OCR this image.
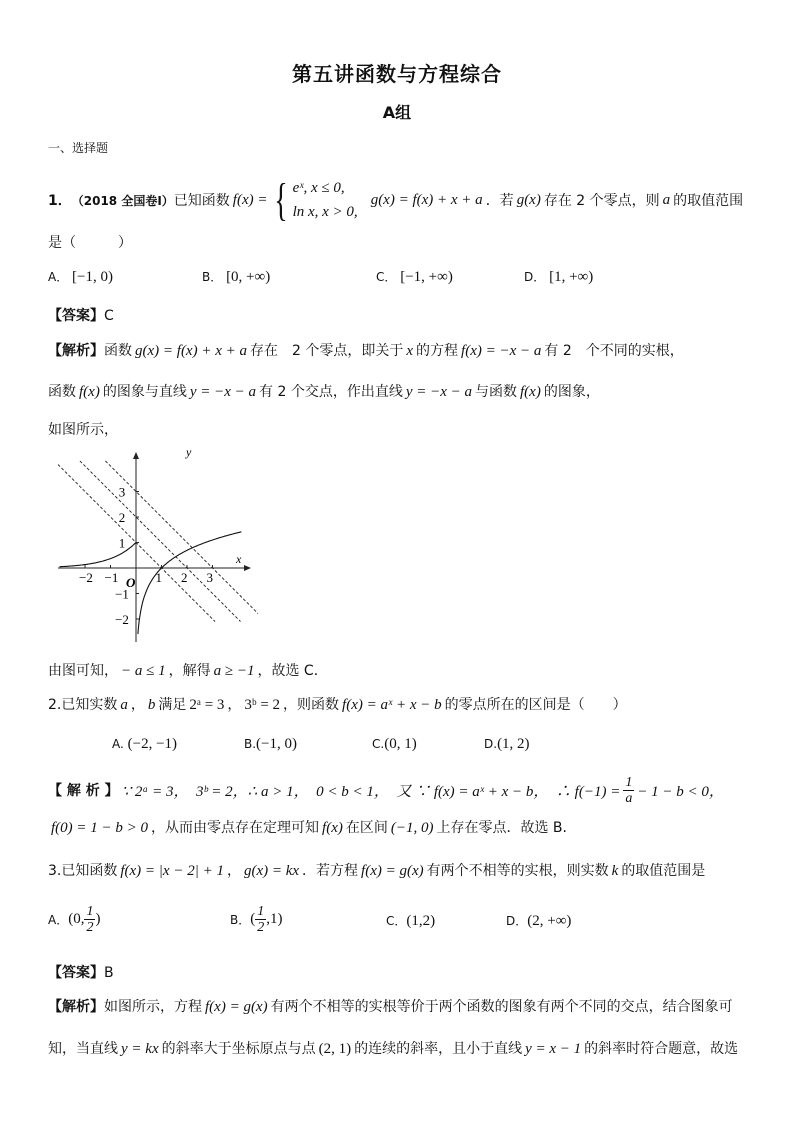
第五讲函数与方程综合
A组
一、选择题
1． （2018 全国卷Ⅰ） 已知函数 f(x) = { eˣ, x ≤ 0,
ln x, x > 0,
g(x) = f(x) + x + a ．若 g(x) 存在 2 个零点，则 a 的取值范围
是（　　　）
A． [−1, 0)	B． [0, +∞)	C． [−1, +∞)	D． [1, +∞)
【答案】C
【解析】函数 g(x) = f(x) + x + a 存在　2 个零点，即关于 x 的方程 f(x) = −x − a 有 2　个不同的实根，
函数 f(x) 的图象与直线 y = −x − a 有 2 个交点，作出直线 y = −x − a 与函数 f(x) 的图象，
如图所示，
−2 −1	1 2 3
3
2
1
−1
−2
y
x
O
由图可知， − a ≤ 1 ，解得 a ≥ −1 ，故选 C．
2.已知实数 a ， b 满足 2ᵃ = 3 ， 3ᵇ = 2 ，则函数 f(x) = aˣ + x − b 的零点所在的区间是（　　）
A. (−2, −1)	B.(−1, 0)	C.(0, 1)	D.(1, 2)
【 解 析 】 ∵ 2ᵃ = 3，　3ᵇ = 2，∴ a > 1，　0 < b < 1，　又 ∵ f(x) = aˣ + x − b，　∴ $f(-1) = \frac{1}{a} - 1 - b < 0$，
f(0) = 1 − b > 0 ，从而由零点存在定理可知 f(x) 在区间 (−1, 0) 上存在零点．故选 B.
3.已知函数 f(x) = |x − 2| + 1 ， g(x) = kx ．若方程 f(x) = g(x) 有两个不相等的实根，则实数 k 的取值范围是
A． (0, $\frac{1}{2}$ )	B． ( $\frac{1}{2} ,1$)	C．(1,2)	D．(2, +∞)
【答案】B
【解析】如图所示，方程 f(x) = g(x) 有两个不相等的实根等价于两个函数的图象有两个不同的交点，结合图象可
知，当直线 y = kx 的斜率大于坐标原点与点 (2, 1) 的连续的斜率，且小于直线 y = x − 1 的斜率时符合题意，故选
